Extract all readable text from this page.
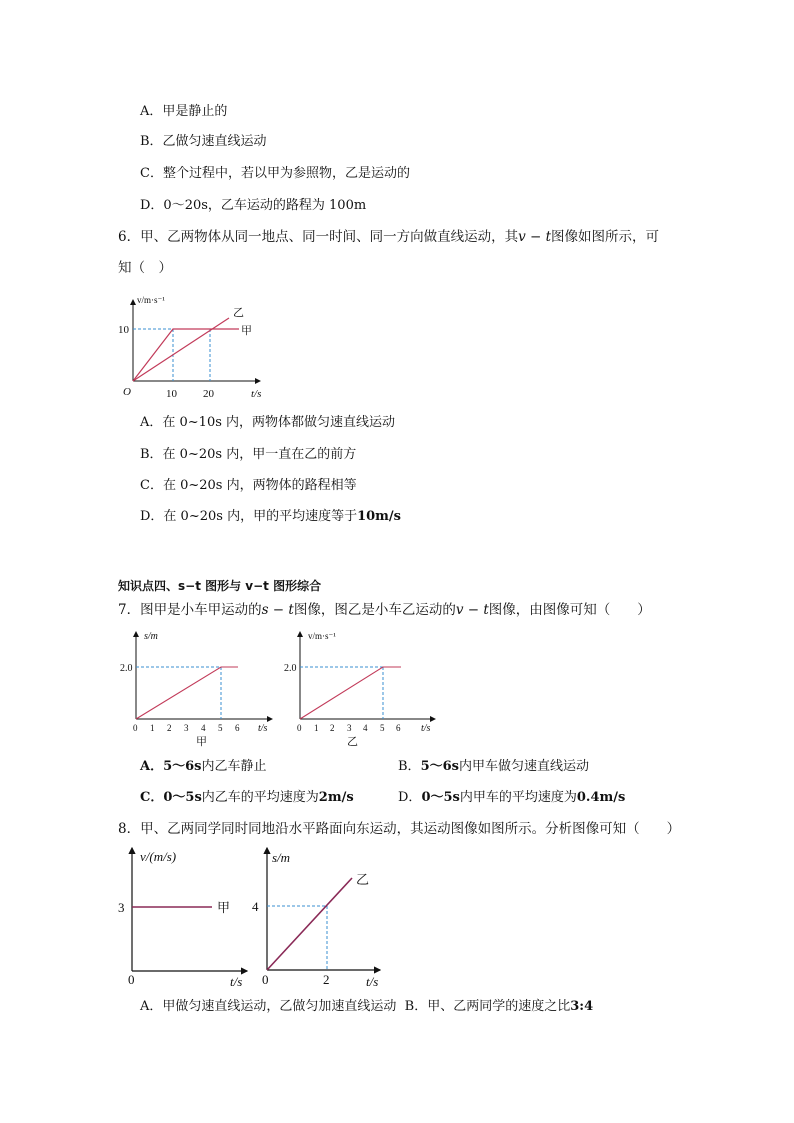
A．甲是静止的
B．乙做匀速直线运动
C．整个过程中，若以甲为参照物，乙是运动的
D．0～20s，乙车运动的路程为 100m
6．甲、乙两物体从同一地点、同一时间、同一方向做直线运动，其𝑣 − 𝑡图像如图所示，可
知（　）
v/m·s⁻¹
10
O	10 20	t/s
甲
乙
A．在 0~10s 内，两物体都做匀速直线运动
B．在 0~20s 内，甲一直在乙的前方
C．在 0~20s 内，两物体的路程相等
D．在 0~20s 内，甲的平均速度等于10m/s
知识点四、s−t 图形与 v−t 图形综合
7．图甲是小车甲运动的𝑠 − 𝑡图像，图乙是小车乙运动的𝑣 − 𝑡图像，由图像可知（　　）
s/m
2.0
0 1 2 3 4 5 6 t/s
甲
v/m·s⁻¹
2.0
0 1 2 3 4 5 6 t/s
乙
A．5～6s内乙车静止	B．5～6s内甲车做匀速直线运动
C．0～5s内乙车的平均速度为2m/s	D．0～5s内甲车的平均速度为0.4m/s
8．甲、乙两同学同时同地沿水平路面向东运动，其运动图像如图所示。分析图像可知（　　）
v/(m/s)
3
0	t/s
甲
s/m
4
0	2	t/s
乙
A．甲做匀速直线运动，乙做匀加速直线运动 B．甲、乙两同学的速度之比3:4
